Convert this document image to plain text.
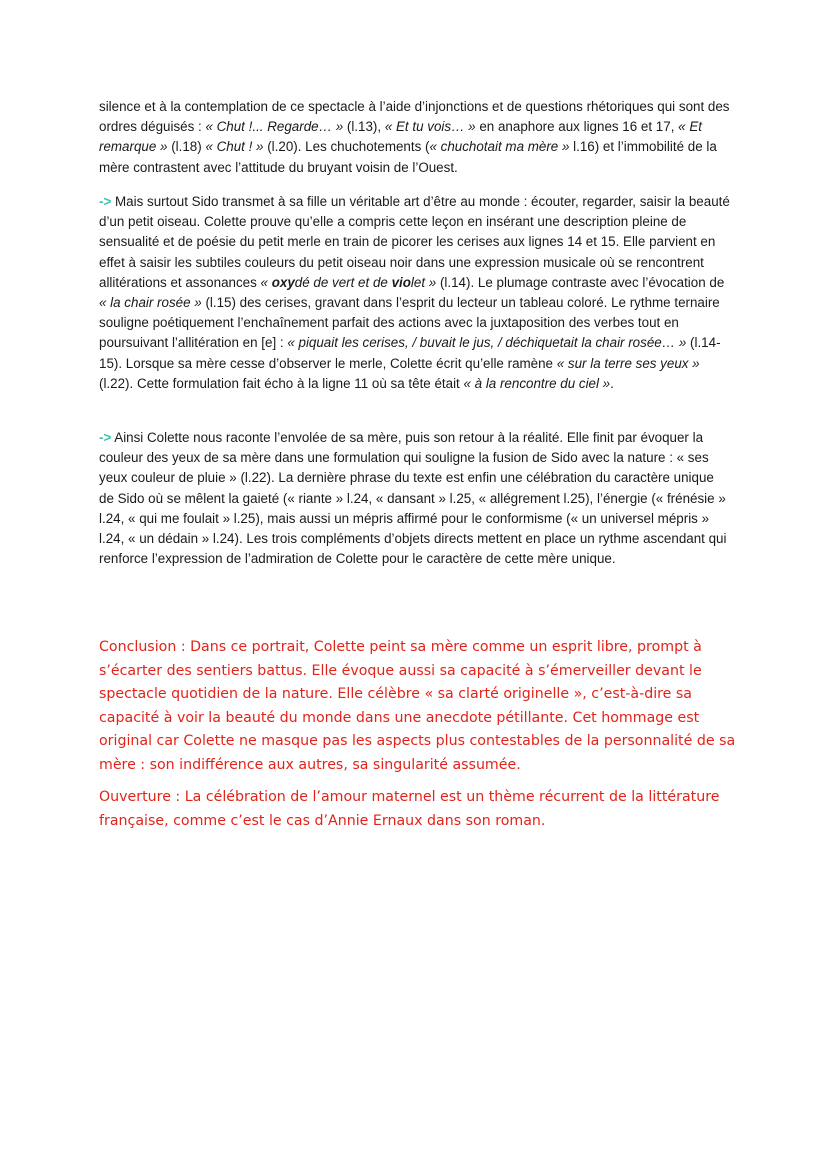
silence et à la contemplation de ce spectacle à l’aide d’injonctions et de questions rhétoriques qui sont des ordres déguisés : « Chut !... Regarde… » (l.13), « Et tu vois… » en anaphore aux lignes 16 et 17, « Et remarque » (l.18) « Chut ! » (l.20). Les chuchotements (« chuchotait ma mère » l.16) et l’immobilité de la mère contrastent avec l’attitude du bruyant voisin de l’Ouest.

-> Mais surtout Sido transmet à sa fille un véritable art d’être au monde : écouter, regarder, saisir la beauté d’un petit oiseau. Colette prouve qu’elle a compris cette leçon en insérant une description pleine de sensualité et de poésie du petit merle en train de picorer les cerises aux lignes 14 et 15. Elle parvient en effet à saisir les subtiles couleurs du petit oiseau noir dans une expression musicale où se rencontrent allitérations et assonances « oxydé de vert et de violet » (l.14). Le plumage contraste avec l’évocation de « la chair rosée » (l.15) des cerises, gravant dans l’esprit du lecteur un tableau coloré. Le rythme ternaire souligne poétiquement l’enchaînement parfait des actions avec la juxtaposition des verbes tout en poursuivant l’allitération en [e] : « piquait les cerises, / buvait le jus, / déchiquetait la chair rosée… » (l.14-15). Lorsque sa mère cesse d’observer le merle, Colette écrit qu’elle ramène « sur la terre ses yeux » (l.22). Cette formulation fait écho à la ligne 11 où sa tête était « à la rencontre du ciel ».

-> Ainsi Colette nous raconte l’envolée de sa mère, puis son retour à la réalité. Elle finit par évoquer la couleur des yeux de sa mère dans une formulation qui souligne la fusion de Sido avec la nature : « ses yeux couleur de pluie » (l.22). La dernière phrase du texte est enfin une célébration du caractère unique de Sido où se mêlent la gaieté (« riante » l.24, « dansant » l.25, « allégrement l.25), l’énergie (« frénésie » l.24, « qui me foulait » l.25), mais aussi un mépris affirmé pour le conformisme (« un universel mépris » l.24, « un dédain » l.24). Les trois compléments d’objets directs mettent en place un rythme ascendant qui renforce l’expression de l’admiration de Colette pour le caractère de cette mère unique.

Conclusion : Dans ce portrait, Colette peint sa mère comme un esprit libre, prompt à s’écarter des sentiers battus. Elle évoque aussi sa capacité à s’émerveiller devant le spectacle quotidien de la nature. Elle célèbre « sa clarté originelle », c’est-à-dire sa capacité à voir la beauté du monde dans une anecdote pétillante. Cet hommage est original car Colette ne masque pas les aspects plus contestables de la personnalité de sa mère : son indifférence aux autres, sa singularité assumée.

Ouverture : La célébration de l’amour maternel est un thème récurrent de la littérature française, comme c’est le cas d’Annie Ernaux dans son roman.
